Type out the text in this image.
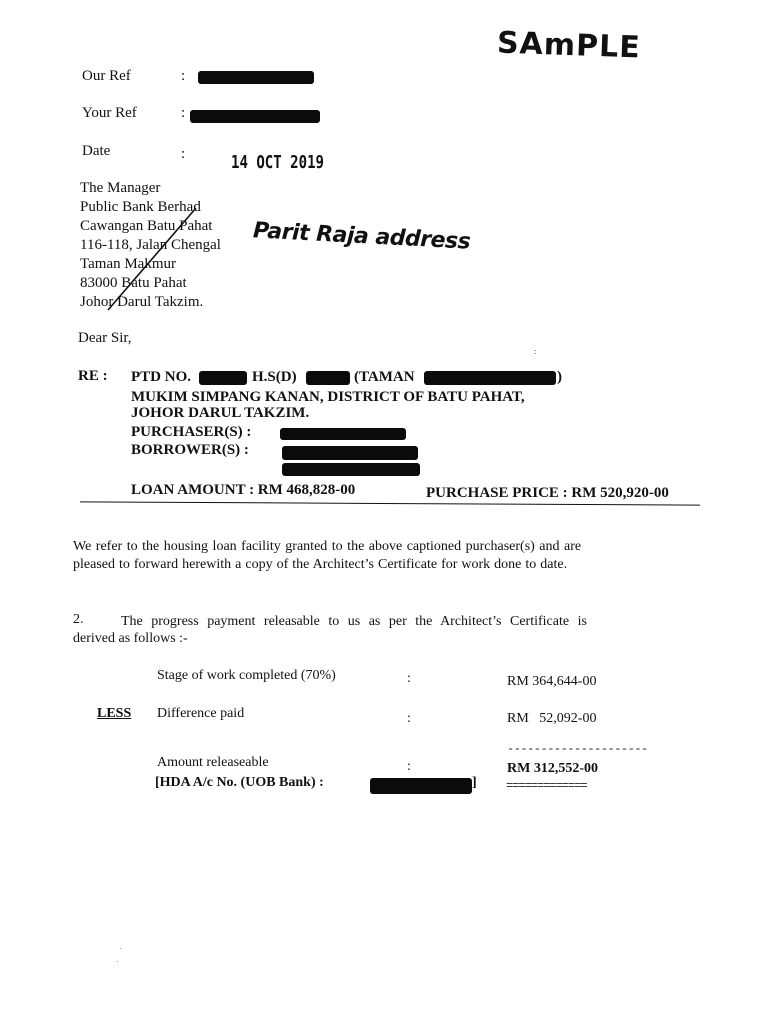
SAmPLE
Our Ref	:
Your Ref	:
Date	:	14 OCT 2019
The Manager
Public Bank Berhad
Cawangan Batu Pahat
116-118, Jalan Chengal
Taman Makmur
83000 Batu Pahat
Johor Darul Takzim.
Parit Raja address
Dear Sir,
:
RE : PTD NO.	H.S(D)	(TAMAN	)
MUKIM SIMPANG KANAN, DISTRICT OF BATU PAHAT,
JOHOR DARUL TAKZIM.
PURCHASER(S) :
BORROWER(S) :
LOAN AMOUNT : RM 468,828-00	PURCHASE PRICE : RM 520,920-00
We refer to the housing loan facility granted to the above captioned purchaser(s) and are
pleased to forward herewith a copy of the Architect’s Certificate for work done to date.
2.	The progress payment releasable to us as per the Architect’s Certificate is
derived as follows :-
Stage of work completed (70%)	:	RM 364,644-00
LESS Difference paid	:	RM   52,092-00
---------------------
Amount releaseable	:	RM 312,552-00
[HDA A/c No. (UOB Bank) :	] =============
.
.
